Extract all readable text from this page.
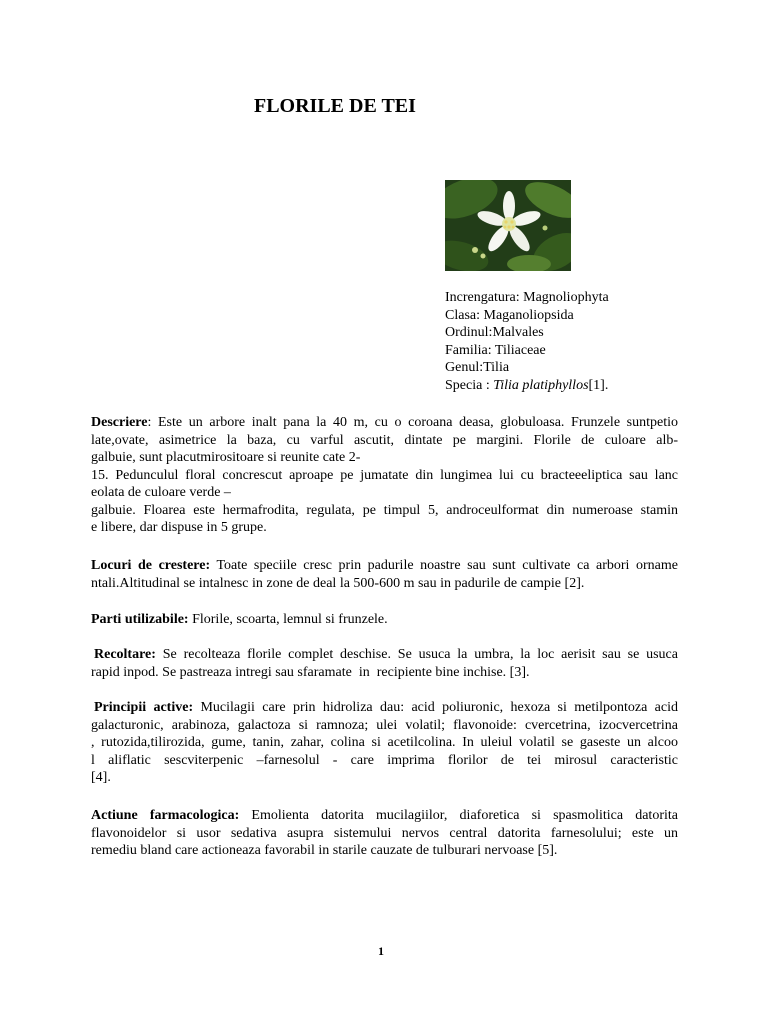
FLORILE DE TEI
Increngatura: Magnoliophyta
Clasa: Maganoliopsida
Ordinul:Malvales
Familia: Tiliaceae
Genul:Tilia
Specia : Tilia platiphyllos[1].
Descriere: Este un arbore inalt pana la 40 m, cu o coroana deasa, globuloasa. Frunzele suntpetio
late,ovate, asimetrice la baza, cu varful ascutit, dintate pe margini. Florile de culoare alb-
galbuie, sunt placutmirositoare si reunite cate 2-
15. Pedunculul floral concrescut aproape pe jumatate din lungimea lui cu bracteeeliptica sau lanc
eolata de culoare verde –
galbuie. Floarea este hermafrodita, regulata, pe timpul 5, androceulformat din numeroase stamin
e libere, dar dispuse in 5 grupe.
Locuri de crestere: Toate speciile cresc prin padurile noastre sau sunt cultivate ca arbori orname
ntali.Altitudinal se intalnesc in zone de deal la 500-600 m sau in padurile de campie [2].
Parti utilizabile: Florile, scoarta, lemnul si frunzele.
Recoltare: Se recolteaza florile complet deschise. Se usuca la umbra, la loc aerisit sau se usuca
rapid inpod. Se pastreaza intregi sau sfaramate  in  recipiente bine inchise. [3].
Principii active: Mucilagii care prin hidroliza dau: acid poliuronic, hexoza si metilpontoza acid
galacturonic, arabinoza, galactoza si ramnoza; ulei volatil; flavonoide: cvercetrina, izocvercetrina
, rutozida,tilirozida, gume, tanin, zahar, colina si acetilcolina. In uleiul volatil se gaseste un alcoo
l aliflatic sescviterpenic –farnesolul - care imprima florilor de tei mirosul caracteristic
[4].
Actiune farmacologica: Emolienta datorita mucilagiilor, diaforetica si spasmolitica datorita
flavonoidelor si usor sedativa asupra sistemului nervos central datorita farnesolului; este un
remediu bland care actioneaza favorabil in starile cauzate de tulburari nervoase [5].
1
